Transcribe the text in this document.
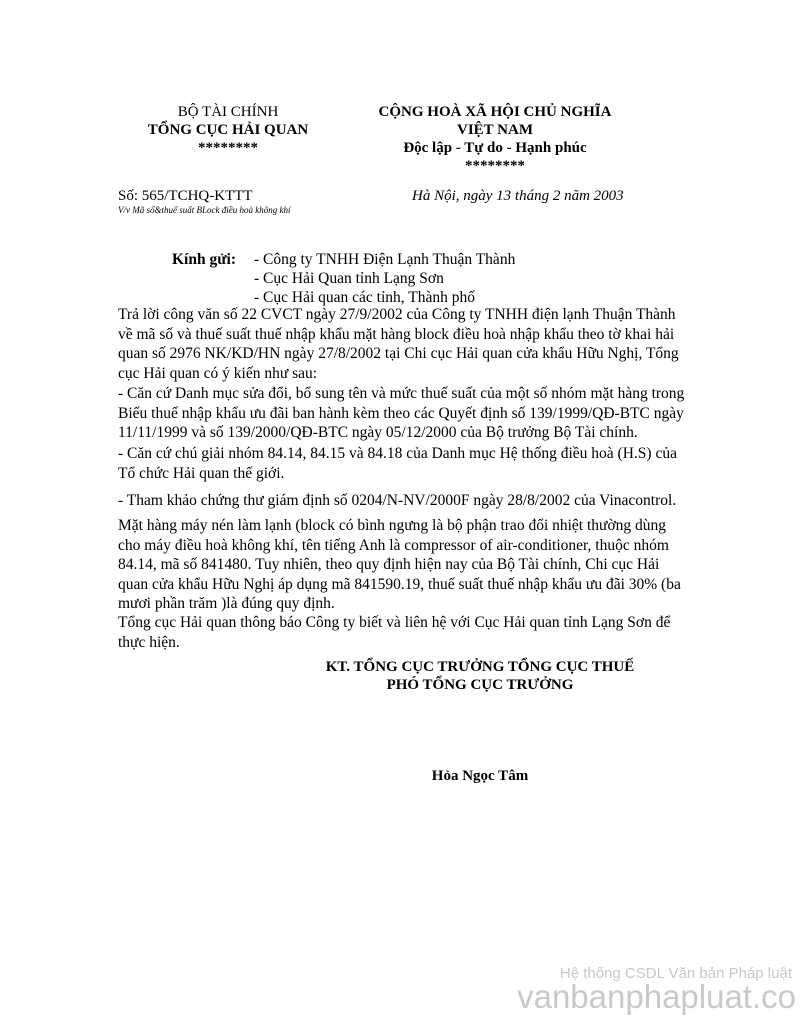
BỘ TÀI CHÍNH
TỔNG CỤC HẢI QUAN
********
CỘNG HOÀ XÃ HỘI CHỦ NGHĨA
VIỆT NAM
Độc lập - Tự do - Hạnh phúc
********
Số: 565/TCHQ-KTTT
V/v Mã số&thuế suất BLock điều hoà không khí
Hà Nội, ngày 13 tháng 2 năm 2003
Kính gửi: - Công ty TNHH Điện Lạnh Thuận Thành
- Cục Hải Quan tỉnh Lạng Sơn
- Cục Hải quan các tỉnh, Thành phố

Trả lời công văn số 22 CVCT ngày 27/9/2002 của Công ty TNHH điện lạnh Thuận Thành về mã số và thuế suất thuế nhập khẩu mặt hàng block điều hoà nhập khẩu theo tờ khai hải quan số 2976 NK/KD/HN ngày 27/8/2002 tại Chi cục Hải quan cửa khẩu Hữu Nghị, Tổng cục Hải quan có ý kiến như sau:

- Căn cứ Danh mục sửa đổi, bổ sung tên và mức thuế suất của một số nhóm mặt hàng trong Biểu thuế nhập khẩu ưu đãi ban hành kèm theo các Quyết định số 139/1999/QĐ-BTC ngày 11/11/1999 và số 139/2000/QĐ-BTC ngày 05/12/2000 của Bộ trưởng Bộ Tài chính.

- Căn cứ chú giải nhóm 84.14, 84.15 và 84.18 của Danh mục Hệ thống điều hoà (H.S) của Tổ chức Hải quan thế giới.

- Tham khảo chứng thư giám định số 0204/N-NV/2000F ngày 28/8/2002 của Vinacontrol.

Mặt hàng máy nén làm lạnh (block có bình ngưng là bộ phận trao đổi nhiệt thường dùng cho máy điều hoà không khí, tên tiếng Anh là compressor of air-conditioner, thuộc nhóm 84.14, mã số 841480. Tuy nhiên, theo quy định hiện nay của Bộ Tài chính, Chi cục Hải quan cửa khẩu Hữu Nghị áp dụng mã 841590.19, thuế suất thuế nhập khẩu ưu đãi 30% (ba mươi phần trăm )là đúng quy định.

Tổng cục Hải quan thông báo Công ty biết và liên hệ với Cục Hải quan tỉnh Lạng Sơn để thực hiện.

KT. TỔNG CỤC TRƯỞNG TỔNG CỤC THUẾ
PHÓ TỔNG CỤC TRƯỞNG
Hỏa Ngọc Tâm
Hệ thống CSDL Văn bản Pháp luật
vanbanphapluat.co
